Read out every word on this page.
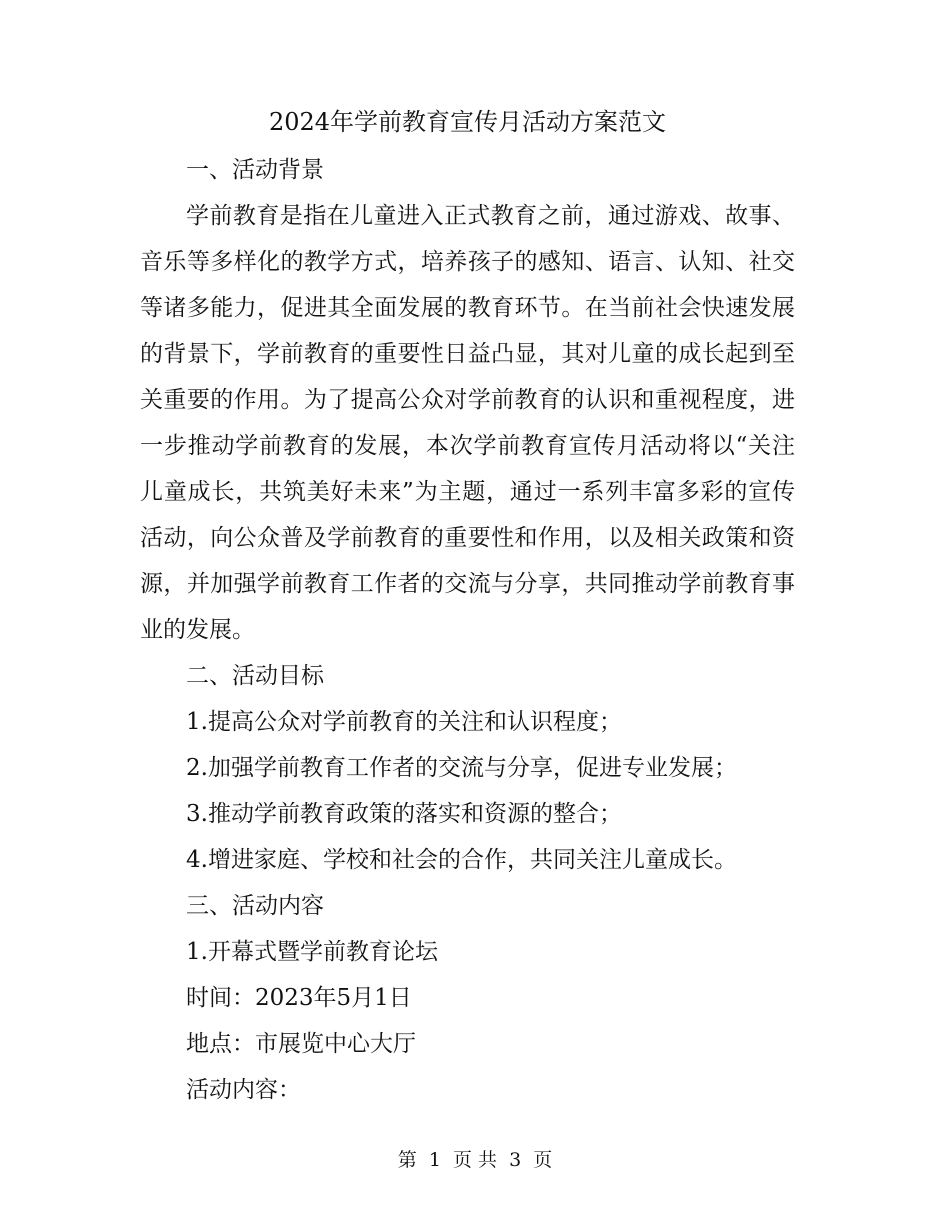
2024年学前教育宣传月活动方案范文

一、活动背景

学前教育是指在儿童进入正式教育之前，通过游戏、故事、音乐等多样化的教学方式，培养孩子的感知、语言、认知、社交等诸多能力，促进其全面发展的教育环节。在当前社会快速发展的背景下，学前教育的重要性日益凸显，其对儿童的成长起到至关重要的作用。为了提高公众对学前教育的认识和重视程度，进一步推动学前教育的发展，本次学前教育宣传月活动将以“关注儿童成长，共筑美好未来”为主题，通过一系列丰富多彩的宣传活动，向公众普及学前教育的重要性和作用，以及相关政策和资源，并加强学前教育工作者的交流与分享，共同推动学前教育事业的发展。

二、活动目标

1.提高公众对学前教育的关注和认识程度；

2.加强学前教育工作者的交流与分享，促进专业发展；

3.推动学前教育政策的落实和资源的整合；

4.增进家庭、学校和社会的合作，共同关注儿童成长。

三、活动内容

1.开幕式暨学前教育论坛

时间：2023年5月1日

地点：市展览中心大厅

活动内容：

第 1 页 共 3 页
